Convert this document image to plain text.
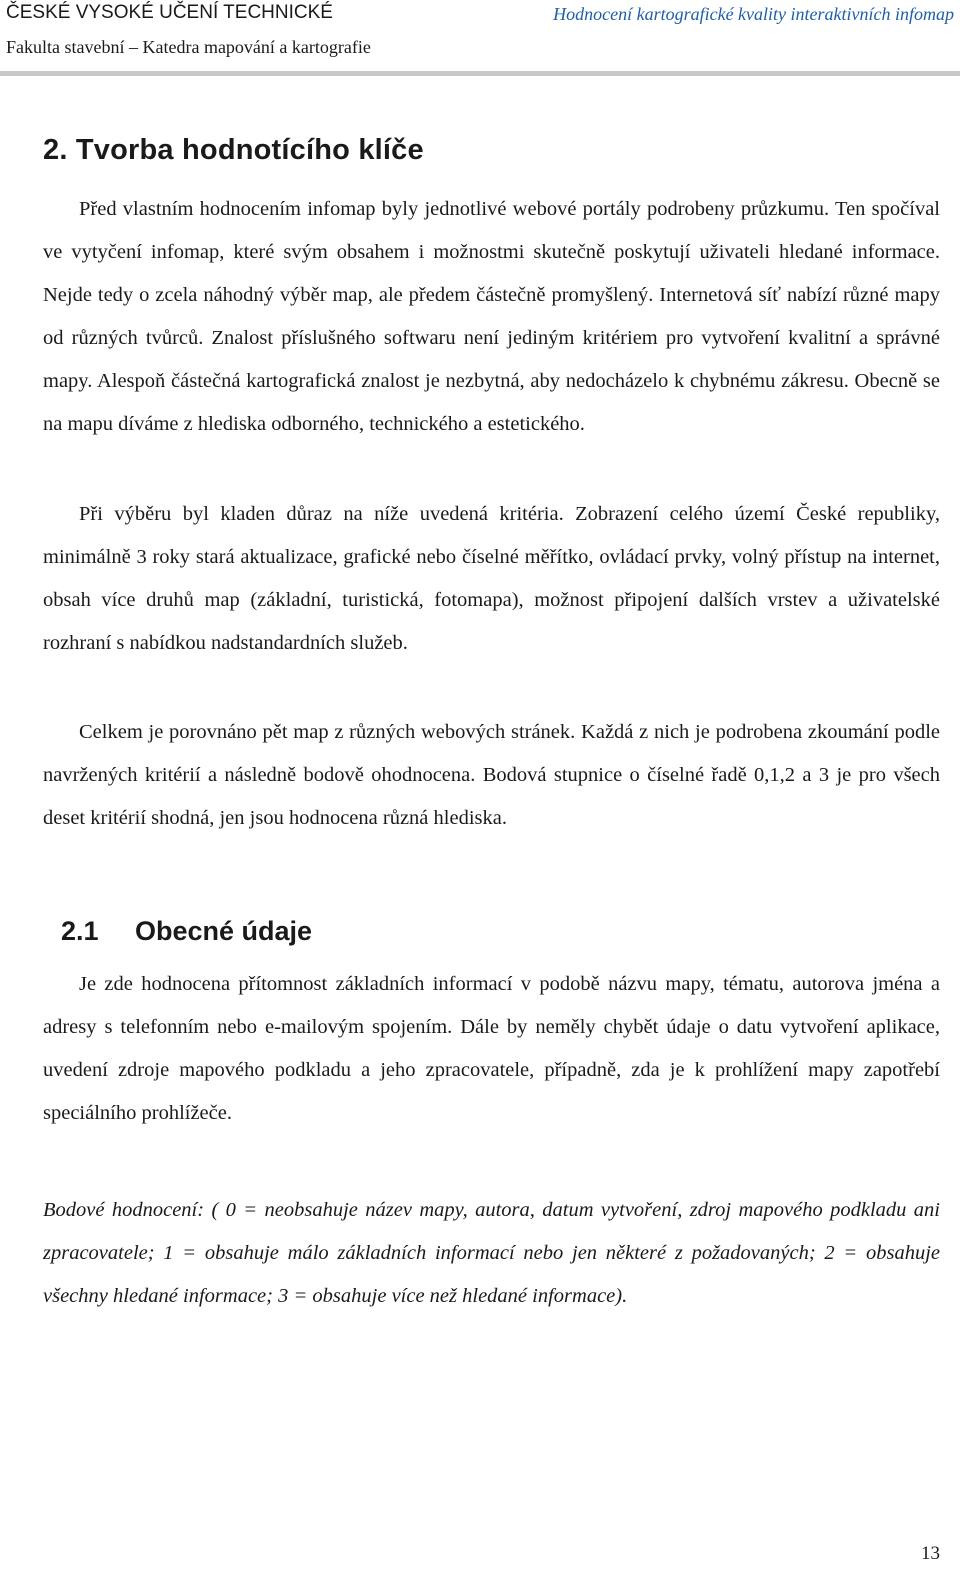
ČESKÉ VYSOKÉ UČENÍ TECHNICKÉ
Fakulta stavební – Katedra mapování a kartografie
Hodnocení kartografické kvality interaktivních infomap
2. Tvorba hodnotícího klíče

Před vlastním hodnocením infomap byly jednotlivé webové portály podrobeny průzkumu. Ten spočíval ve vytyčení infomap, které svým obsahem i možnostmi skutečně poskytují uživateli hledané informace. Nejde tedy o zcela náhodný výběr map, ale předem částečně promyšlený. Internetová síť nabízí různé mapy od různých tvůrců. Znalost příslušného softwaru není jediným kritériem pro vytvoření kvalitní a správné mapy. Alespoň částečná kartografická znalost je nezbytná, aby nedocházelo k chybnému zákresu. Obecně se na mapu díváme z hlediska odborného, technického a estetického.

Při výběru byl kladen důraz na níže uvedená kritéria. Zobrazení celého území České republiky, minimálně 3 roky stará aktualizace, grafické nebo číselné měřítko, ovládací prvky, volný přístup na internet, obsah více druhů map (základní, turistická, fotomapa), možnost připojení dalších vrstev a uživatelské rozhraní s nabídkou nadstandardních služeb.

Celkem je porovnáno pět map z různých webových stránek. Každá z nich je podrobena zkoumání podle navržených kritérií a následně bodově ohodnocena. Bodová stupnice o číselné řadě 0,1,2 a 3 je pro všech deset kritérií shodná, jen jsou hodnocena různá hlediska.

2.1 Obecné údaje

Je zde hodnocena přítomnost základních informací v podobě názvu mapy, tématu, autorova jména a adresy s telefonním nebo e-mailovým spojením. Dále by neměly chybět údaje o datu vytvoření aplikace, uvedení zdroje mapového podkladu a jeho zpracovatele, případně, zda je k prohlížení mapy zapotřebí speciálního prohlížeče.

Bodové hodnocení: ( 0 = neobsahuje název mapy, autora, datum vytvoření, zdroj mapového podkladu ani zpracovatele; 1 = obsahuje málo základních informací nebo jen některé z požadovaných; 2 = obsahuje všechny hledané informace; 3 = obsahuje více než hledané informace).

13
